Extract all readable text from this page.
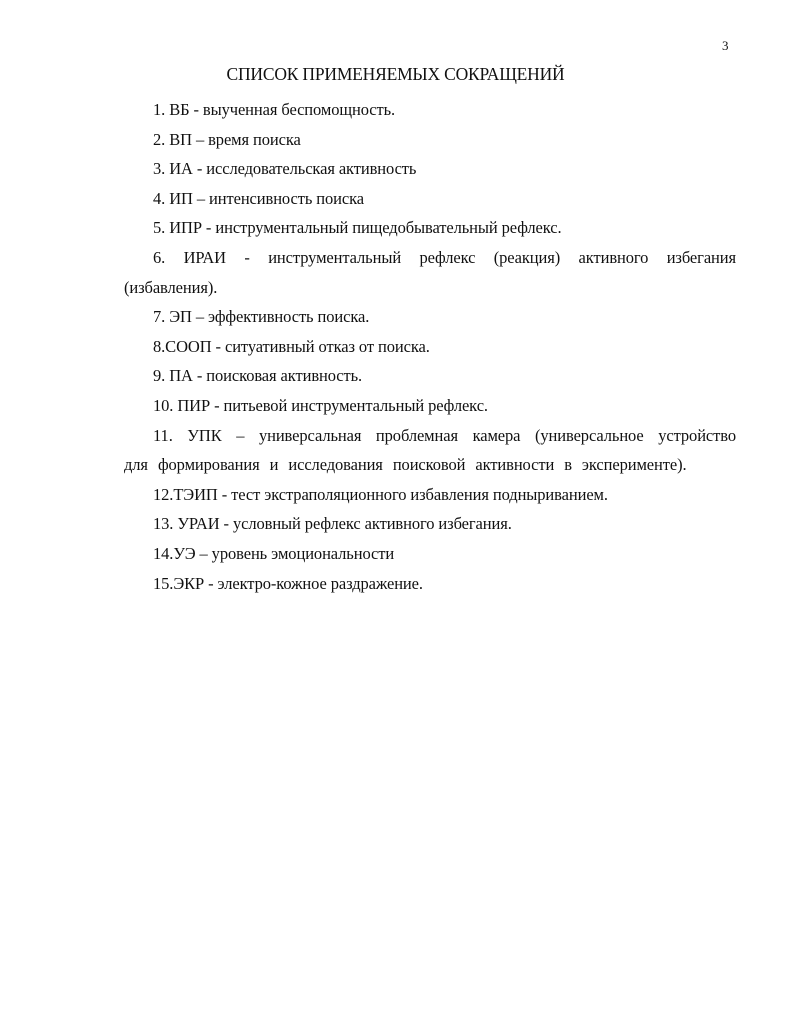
3
СПИСОК ПРИМЕНЯЕМЫХ СОКРАЩЕНИЙ
1. ВБ - выученная беспомощность.
2. ВП – время поиска
3. ИА - исследовательская активность
4. ИП – интенсивность поиска
5. ИПР - инструментальный пищедобывательный рефлекс.
6. ИРАИ - инструментальный рефлекс (реакция) активного избегания (избавления).
7. ЭП – эффективность поиска.
8.СООП - ситуативный отказ от поиска.
9. ПА - поисковая активность.
10. ПИР - питьевой инструментальный рефлекс.
11. УПК – универсальная проблемная камера (универсальное устройство для формирования и исследования поисковой активности в эксперименте).
12.ТЭИП - тест экстраполяционного избавления подныриванием.
13. УРАИ - условный рефлекс активного избегания.
14.УЭ – уровень эмоциональности
15.ЭКР - электро-кожное раздражение.
